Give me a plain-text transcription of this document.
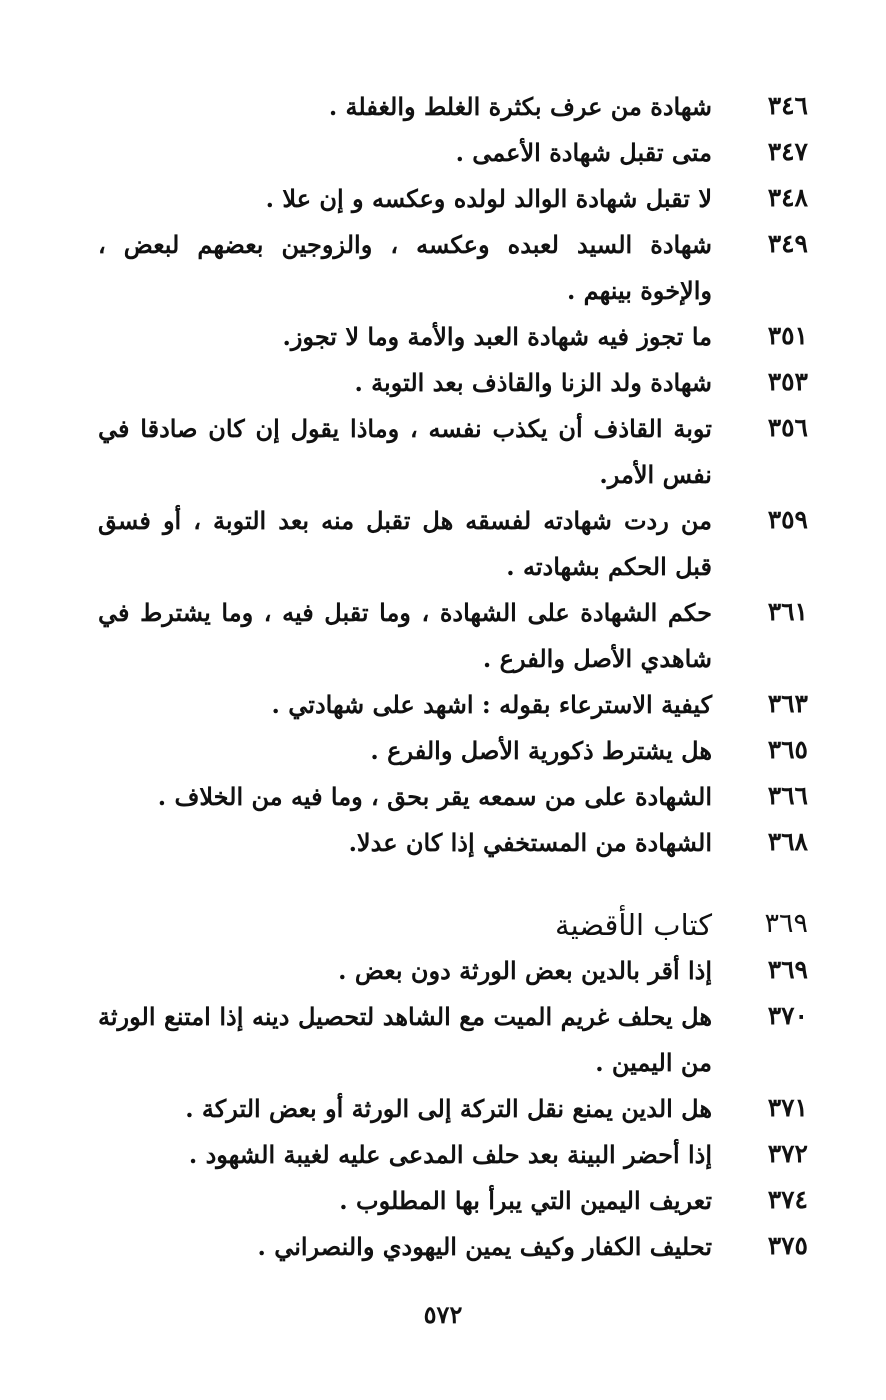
٣٤٦
شهادة من عرف بكثرة الغلط والغفلة .
٣٤٧
متى تقبل شهادة الأعمى .
٣٤٨
لا تقبل شهادة الوالد لولده وعكسه و إن علا .
٣٤٩
شهادة السيد لعبده وعكسه ، والزوجين بعضهم لبعض ، والإخوة بينهم .
٣٥١
ما تجوز فيه شهادة العبد والأمة وما لا تجوز.
٣٥٣
شهادة ولد الزنا والقاذف بعد التوبة .
٣٥٦
توبة القاذف أن يكذب نفسه ، وماذا يقول إن كان صادقا في نفس الأمر.
٣٥٩
من ردت شهادته لفسقه هل تقبل منه بعد التوبة ، أو فسق قبل الحكم بشهادته .
٣٦١
حكم الشهادة على الشهادة ، وما تقبل فيه ، وما يشترط في شاهدي الأصل والفرع .
٣٦٣
كيفية الاسترعاء بقوله : اشهد على شهادتي .
٣٦٥
هل يشترط ذكورية الأصل والفرع .
٣٦٦
الشهادة على من سمعه يقر بحق ، وما فيه من الخلاف .
٣٦٨
الشهادة من المستخفي إذا كان عدلا.
٣٦٩
كتاب الأقضية
٣٦٩
إذا أقر بالدين بعض الورثة دون بعض .
٣٧٠
هل يحلف غريم الميت مع الشاهد لتحصيل دينه إذا امتنع الورثة من اليمين .
٣٧١
هل الدين يمنع نقل التركة إلى الورثة أو بعض التركة .
٣٧٢
إذا أحضر البينة بعد حلف المدعى عليه لغيبة الشهود .
٣٧٤
تعريف اليمين التي يبرأ بها المطلوب .
٣٧٥
تحليف الكفار وكيف يمين اليهودي والنصراني .
٥٧٢
